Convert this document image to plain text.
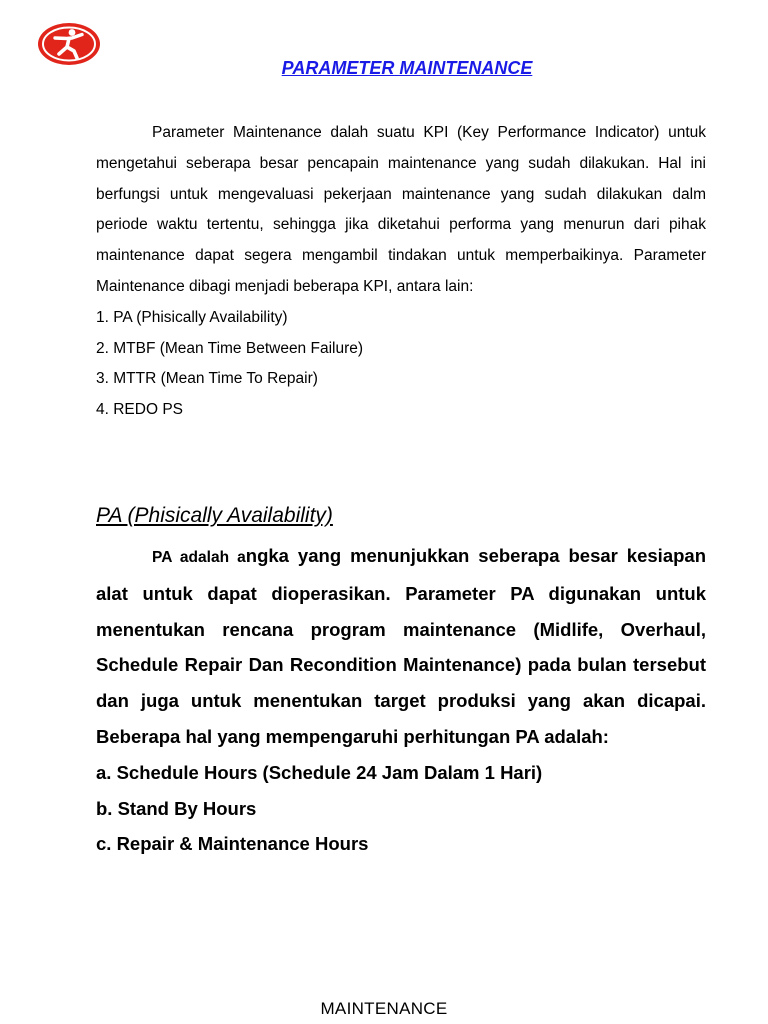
PARAMETER MAINTENANCE

Parameter Maintenance dalah suatu KPI (Key Performance Indicator) untuk mengetahui seberapa besar pencapain maintenance yang sudah dilakukan. Hal ini berfungsi untuk mengevaluasi pekerjaan maintenance yang sudah dilakukan dalm periode waktu tertentu, sehingga jika diketahui performa yang menurun dari pihak maintenance dapat segera mengambil tindakan untuk memperbaikinya. Parameter Maintenance dibagi menjadi beberapa KPI, antara lain:

1. PA (Phisically Availability)
2. MTBF (Mean Time Between Failure)
3. MTTR (Mean Time To Repair)
4. REDO PS
PA (Phisically Availability)

PA adalah angka yang menunjukkan seberapa besar kesiapan alat untuk dapat dioperasikan. Parameter PA digunakan untuk menentukan rencana program maintenance (Midlife, Overhaul, Schedule Repair Dan Recondition Maintenance) pada bulan tersebut dan juga untuk menentukan target produksi yang akan dicapai. Beberapa hal yang mempengaruhi perhitungan PA adalah:

a. Schedule Hours (Schedule 24 Jam Dalam 1 Hari)
b. Stand By Hours
c. Repair & Maintenance Hours

MAINTENANCE
